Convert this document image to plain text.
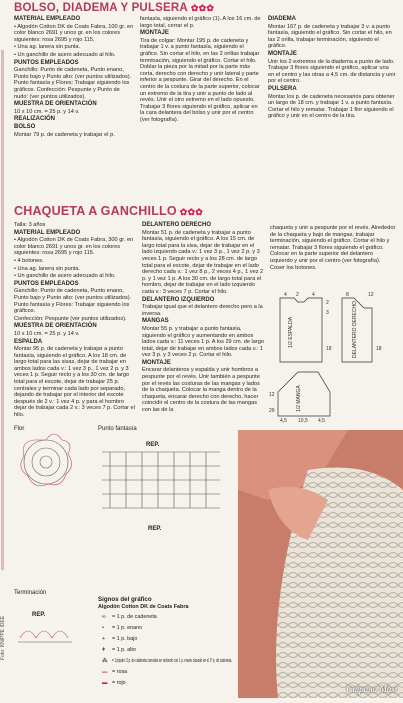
Foto: KNIPPE IDEE
BOLSO, DIADEMA Y PULSERA ✿✿✿

MATERIAL EMPLEADO

• Algodón Cotton DK de Coats Fabra, 100 gr. en color blanco 2691 y unos gr. en los colores siguientes: rosa 2695 y rojo 115.

• Una ag. lanera sin punta.

• Un ganchillo de acero adecuado al hilo.

PUNTOS EMPLEADOS

Ganchillo: Punto de cadeneta, Punto enano, Punto bajo y Punto alto: (ver puntos utilizados). Punto fantasía y Flores: Trabajar siguiendo los gráficos. Confección: Pespunte y Punto de nudo: (ver puntos utilizados).

MUESTRA DE ORIENTACIÓN

10 x 10 cm. = 25 p. y 14 v.

REALIZACIÓN

BOLSO

Montar 79 p. de cadeneta y trabajar el p.

fantasía, siguiendo el gráfico (1). A los 16 cm. de largo total, cerrar el p.

MONTAJE

Tira de colgar: Montar 195 p. de cadeneta y trabajar 1 v. a punto fantasía, siguiendo el gráfico. Sin cortar el hilo, en las 2 orillas trabajar terminación, siguiendo el gráfico. Cortar el hilo. Doblar la pieza por la mitad por la parte más corta, derecho con derecho y unir lateral y parte inferior a pespunte. Girar del derecho. En el centro de la costura de la parte superior, colocar un extremo de la tira y unir a punto de lado al revés. Unir el otro extremo en el lado opuesto. Trabajar 3 flores siguiendo el gráfico, aplicar en la cara delantera del bolso y unir por el centro (ver fotografía).

DIADEMA

Montar 167 p. de cadeneta y trabajar 3 v. a punto fantasía, siguiendo el gráfico. Sin cortar el hilo, en las 2 orilla, trabajar terminación, siguiendo el gráfico.

MONTAJE

Unir los 2 extremos de la diadema a punto de lado. Trabajar 3 flores siguiendo el gráfico, aplicar una en el centro y las otras a 4,5 cm. de distancia y unir por el centro.

PULSERA

Montar los p. de cadeneta necesarios para obtener un largo de 18 cm. y trabajar 1 v. a punto fantasía. Cortar el hilo y rematar. Trabajar 1 flor siguiendo el gráfico y unir en el centro de la tira.

CHAQUETA A GANCHILLO ✿✿✿

Talla: 3 años

MATERIAL EMPLEADO

• Algodón Cotton DK de Coats Fabra, 300 gr. en color blanco 2691 y unos gr. en los colores siguientes: rosa 2695 y rojo 115.

• 4 botones.

• Una ag. lanera sin punta.

• Un ganchillo de acero adecuado al hilo.

PUNTOS EMPLEADOS

Ganchillo: Punto de cadeneta, Punto enano, Punto bajo y Punto alto: (ver puntos utilizados). Punto fantasía y Flores: Trabajar siguiendo los gráficos.

Confección: Pespunte (ver puntos utilizados).

MUESTRA DE ORIENTACIÓN

10 x 10 cm. = 25 p. y 14 v.

ESPALDA

Montar 95 p. de cadeneta y trabajar a punto fantasía, siguiendo el gráfico. A los 18 cm. de largo total para las sisas, dejar de trabajar en ambos lados cada v.: 1 vez 3 p., 1 vez 2 p. y 3 veces 1 p. Seguir recto y a los 30 cm. de largo total para el escote, dejar de trabajar 25 p. centrales y terminar cada lado por separado, dejando de trabajar por el interior del escote después de 2 v.: 1 vez 4 p. y para el hombro dejar de trabajar cada 2 v.: 3 veces 7 p. Cortar el hilo.

DELANTERO DERECHO

Montar 51 p. de cadeneta y trabajar a punto fantasía, siguiendo el gráfico. A los 15 cm. de largo total para la sisa, dejar de trabajar en el lado izquierdo cada v.: 1 vez 3 p., 1 vez 2 p. y 3 veces 1 p. Seguir recto y a los 28 cm. de largo total para el escote, dejar de trabajar en el lado derecho cada v.: 1 vez 8 p., 2 veces 4 p., 1 vez 2 p. y 1 vez 1 p. A los 30 cm. de largo total para el hombro, dejar de trabajar en el lado izquierdo cada v.: 3 veces 7 p. Cortar el hilo.

DELANTERO IZQUIERDO

Trabajar igual que el delantero derecho pero a la inversa.

MANGAS

Montar 55 p. y trabajar a punto fantasía, siguiendo el gráfico y aumentando en ambos lados cada v.: 11 veces 1 p. A los 29 cm. de largo total, dejar de trabajar en ambos lados cada v.: 1 vez 3 p. y 3 veces 2 p. Cortar el hilo.

MONTAJE

Encarar delanteros y espalda y unir hombros a pespunte por el revés. Unir también a pespunte por el revés las costuras de las mangas y lados de la chaqueta. Colocar la manga dentro de la chaqueta, encarar derecho con derecho, hacer coincidir el centro de la costura de las mangas con las de la

chaqueta y unir a pespunte por el revés. Alrededor de la chaqueta y bajo de mangas, trabajar terminación, siguiendo el gráfico. Cortar el hilo y rematar. Trabajar 3 flores siguiendo el gráfico. Colocar en la parte superior del delantero izquierdo y unir por el centro (ver fotografía). Coser los botones.

1/2 ESPALDA	DELANTERO DERECHO
1/2 MANGA
4 2	4	8	12
2
3
18	18
12
29
4,5 10,5 4,5
Flor	Punto fantasía
REP.
REP.
Terminación
REP.
Signos del gráfico
Algodón Cotton DK de Coats Fabra
∞ = 1 p. de cadeneta
• = 1 p. enano
+ = 1 p. bajo
ǂ = 1 p. alto
⁂ = 1 piquito: 3 p. de cadeneta cerrados en redondo con 1 p. enano clavado en el 1º p. de cadeneta.
▬ = rosa
▬ = rojo
Страна Мам
